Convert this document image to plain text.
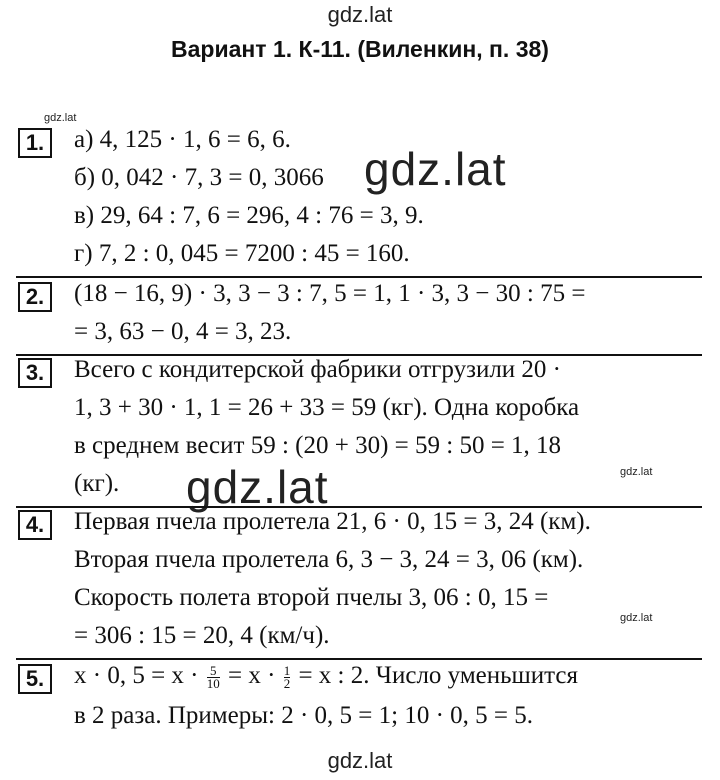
gdz.lat
Вариант 1. К-11. (Виленкин, п. 38)
gdz.lat
gdz.lat
gdz.lat
gdz.lat
gdz.lat
1.	а) 4, 125 · 1, 6 = 6, 6.
б) 0, 042 · 7, 3 = 0, 3066
в) 29, 64 : 7, 6 = 296, 4 : 76 = 3, 9.
г) 7, 2 : 0, 045 = 7200 : 45 = 160.
2.	(18 − 16, 9) · 3, 3 − 3 : 7, 5 = 1, 1 · 3, 3 − 30 : 75 =
= 3, 63 − 0, 4 = 3, 23.
3.	Всего с кондитерской фабрики отгрузили 20 ·
1, 3 + 30 · 1, 1 = 26 + 33 = 59 (кг). Одна коробка
в среднем весит 59 : (20 + 30) = 59 : 50 = 1, 18
(кг).
4.	Первая пчела пролетела 21, 6 · 0, 15 = 3, 24 (км).
Вторая пчела пролетела 6, 3 − 3, 24 = 3, 06 (км).
Скорость полета второй пчелы 3, 06 : 0, 15 =
= 306 : 15 = 20, 4 (км/ч).
5.	x · 0, $5 = x \cdot \frac{5}{10} = x \cdot \frac{1}{2} = x$ : 2. Число уменьшится
в 2 раза. Примеры: 2 · 0, 5 = 1; 10 · 0, 5 = 5.
gdz.lat
